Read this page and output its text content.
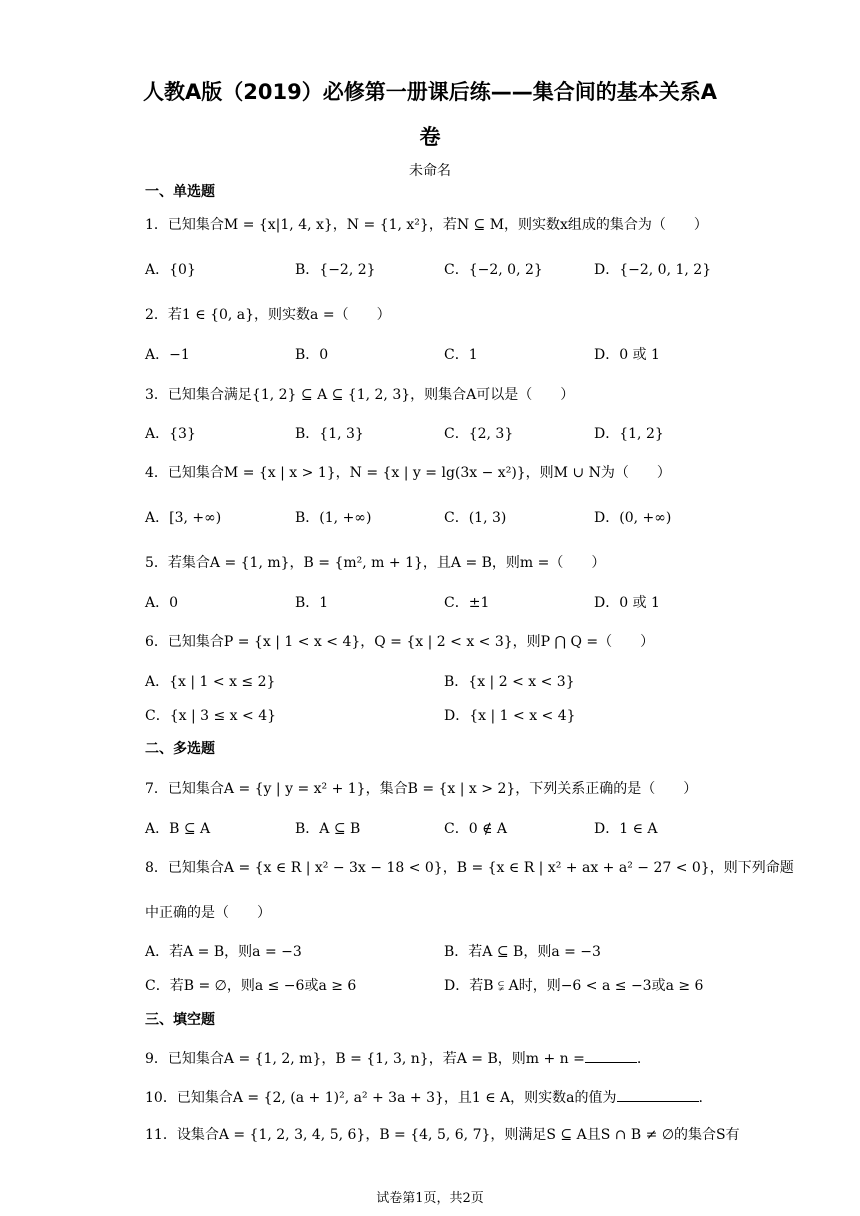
人教A版（2019）必修第一册课后练——集合间的基本关系A
卷
未命名
一、单选题
1．已知集合M = {x|1, 4, x}，N = {1, x²}，若N ⊆ M，则实数x组成的集合为（　　）
A．{0}	B．{−2, 2}	C．{−2, 0, 2}	D．{−2, 0, 1, 2}
2．若1 ∈ {0, a}，则实数a =（　　）
A．−1	B．0	C．1	D．0 或 1
3．已知集合满足{1, 2} ⊆ A ⊆ {1, 2, 3}，则集合A可以是（　　）
A．{3}	B．{1, 3}	C．{2, 3}	D．{1, 2}
4．已知集合M = {x | x > 1}，N = {x | y = lg(3x − x²)}，则M ∪ N为（　　）
A．[3, +∞)	B．(1, +∞)	C．(1, 3)	D．(0, +∞)
5．若集合A = {1, m}，B = {m², m + 1}，且A = B，则m =（　　）
A．0	B．1	C．±1	D．0 或 1
6．已知集合P = {x | 1 < x < 4}，Q = {x | 2 < x < 3}，则P ⋂ Q =（　　）
A．{x | 1 < x ≤ 2}	B．{x | 2 < x < 3}
C．{x | 3 ≤ x < 4}	D．{x | 1 < x < 4}
二、多选题
7．已知集合A = {y | y = x² + 1}，集合B = {x | x > 2}，下列关系正确的是（　　）
A．B ⊆ A	B．A ⊆ B	C．0 ∉ A	D．1 ∈ A
8．已知集合A = {x ∈ R | x² − 3x − 18 < 0}，B = {x ∈ R | x² + ax + a² − 27 < 0}，则下列命题
中正确的是（　　）
A．若A = B，则a = −3	B．若A ⊆ B，则a = −3
C．若B = ∅，则a ≤ −6或a ≥ 6	D．若B ⫋ A时，则−6 < a ≤ −3或a ≥ 6
三、填空题
9．已知集合A = {1, 2, m}，B = {1, 3, n}，若A = B，则m + n =	.
10．已知集合A = {2, (a + 1)², a² + 3a + 3}，且1 ∈ A，则实数a的值为	.
11．设集合A = {1, 2, 3, 4, 5, 6}，B = {4, 5, 6, 7}，则满足S ⊆ A且S ∩ B ≠ ∅的集合S有
试卷第1页，共2页
